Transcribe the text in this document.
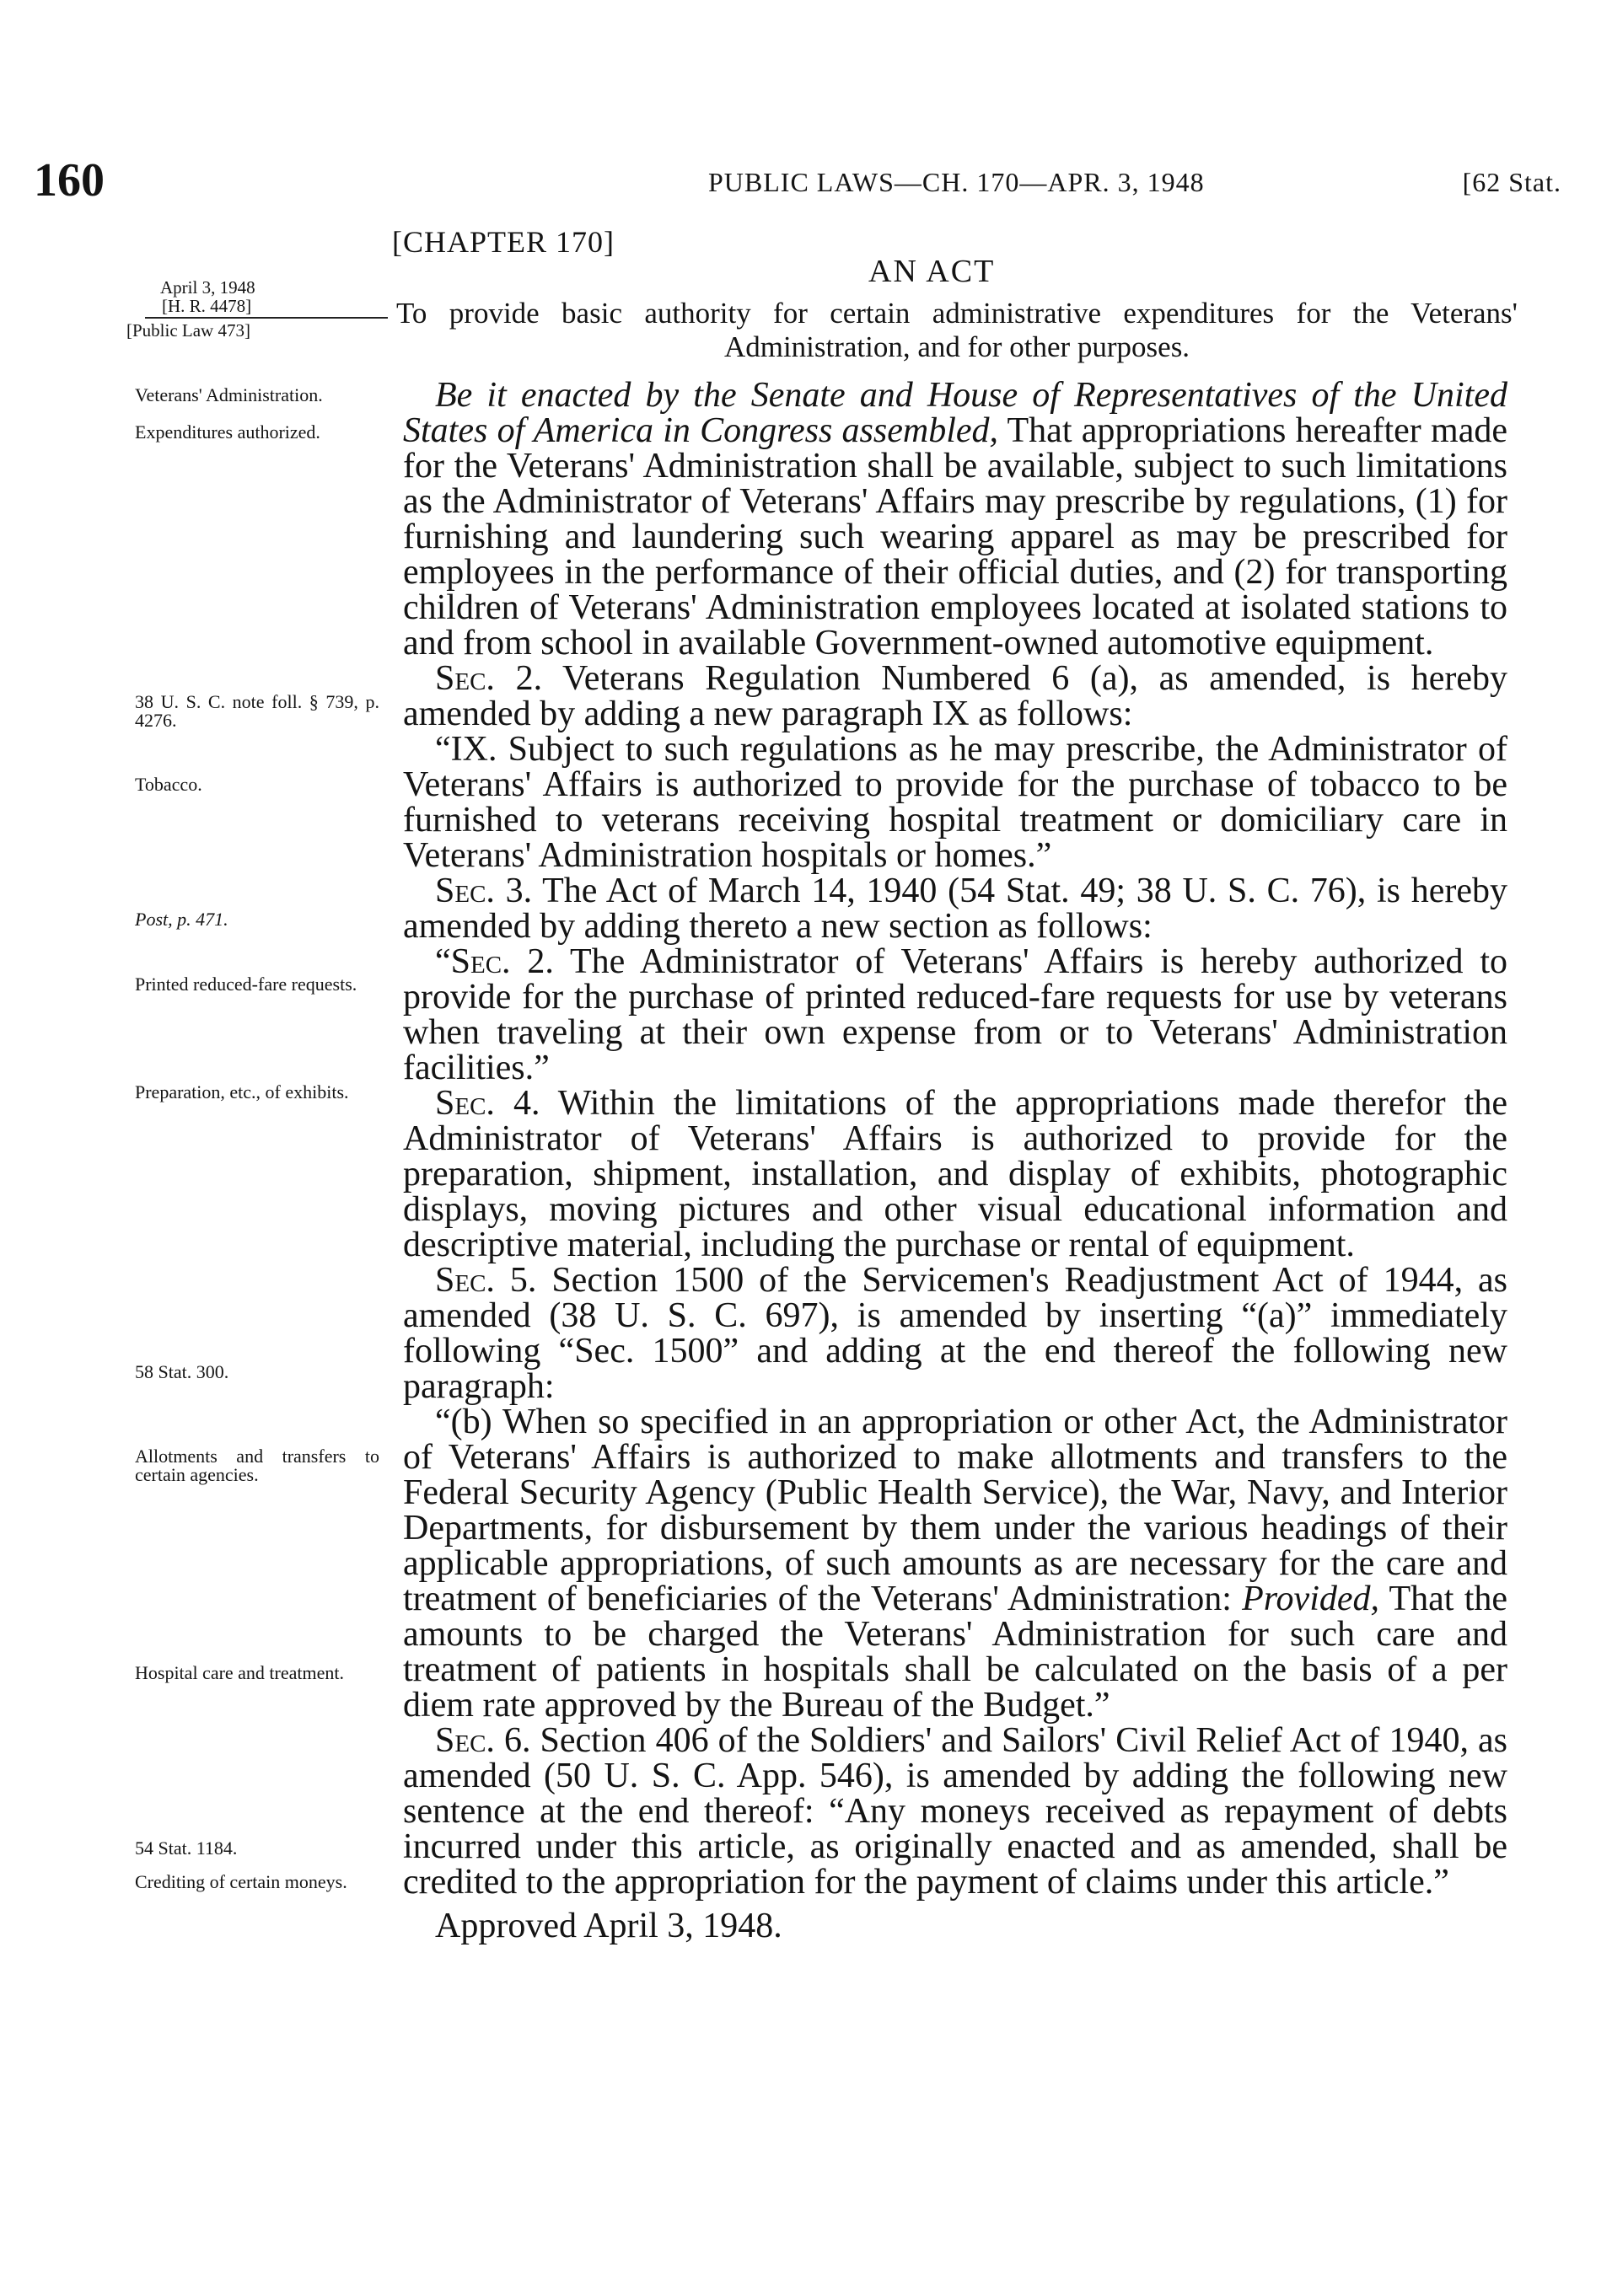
160	PUBLIC LAWS—CH. 170—APR. 3, 1948	[62 Stat.
[CHAPTER 170]
AN ACT
To provide basic authority for certain administrative expenditures for the Veterans' Administration, and for other purposes.
April 3, 1948
[H. R. 4478]
[Public Law 473]
Veterans' Administration.
Expenditures authorized.
38 U. S. C. note foll. § 739, p. 4276.
Tobacco.
Post, p. 471.
Printed reduced-fare requests.
Preparation, etc., of exhibits.
58 Stat. 300.
Allotments and transfers to certain agencies.
Hospital care and treatment.
54 Stat. 1184.
Crediting of certain moneys.

Be it enacted by the Senate and House of Representatives of the United States of America in Congress assembled, That appropriations hereafter made for the Veterans' Administration shall be available, subject to such limitations as the Administrator of Veterans' Affairs may prescribe by regulations, (1) for furnishing and laundering such wearing apparel as may be prescribed for employees in the performance of their official duties, and (2) for transporting children of Veterans' Administration employees located at isolated stations to and from school in available Government-owned automotive equipment.

Sec. 2. Veterans Regulation Numbered 6 (a), as amended, is hereby amended by adding a new paragraph IX as follows:

“IX. Subject to such regulations as he may prescribe, the Administrator of Veterans' Affairs is authorized to provide for the purchase of tobacco to be furnished to veterans receiving hospital treatment or domiciliary care in Veterans' Administration hospitals or homes.”

Sec. 3. The Act of March 14, 1940 (54 Stat. 49; 38 U. S. C. 76), is hereby amended by adding thereto a new section as follows:

“Sec. 2. The Administrator of Veterans' Affairs is hereby authorized to provide for the purchase of printed reduced-fare requests for use by veterans when traveling at their own expense from or to Veterans' Administration facilities.”

Sec. 4. Within the limitations of the appropriations made therefor the Administrator of Veterans' Affairs is authorized to provide for the preparation, shipment, installation, and display of exhibits, photographic displays, moving pictures and other visual educational information and descriptive material, including the purchase or rental of equipment.

Sec. 5. Section 1500 of the Servicemen's Readjustment Act of 1944, as amended (38 U. S. C. 697), is amended by inserting “(a)” immediately following “Sec. 1500” and adding at the end thereof the following new paragraph:

“(b) When so specified in an appropriation or other Act, the Administrator of Veterans' Affairs is authorized to make allotments and transfers to the Federal Security Agency (Public Health Service), the War, Navy, and Interior Departments, for disbursement by them under the various headings of their applicable appropriations, of such amounts as are necessary for the care and treatment of beneficiaries of the Veterans' Administration: Provided, That the amounts to be charged the Veterans' Administration for such care and treatment of patients in hospitals shall be calculated on the basis of a per diem rate approved by the Bureau of the Budget.”

Sec. 6. Section 406 of the Soldiers' and Sailors' Civil Relief Act of 1940, as amended (50 U. S. C. App. 546), is amended by adding the following new sentence at the end thereof: “Any moneys received as repayment of debts incurred under this article, as originally enacted and as amended, shall be credited to the appropriation for the payment of claims under this article.”

Approved April 3, 1948.
